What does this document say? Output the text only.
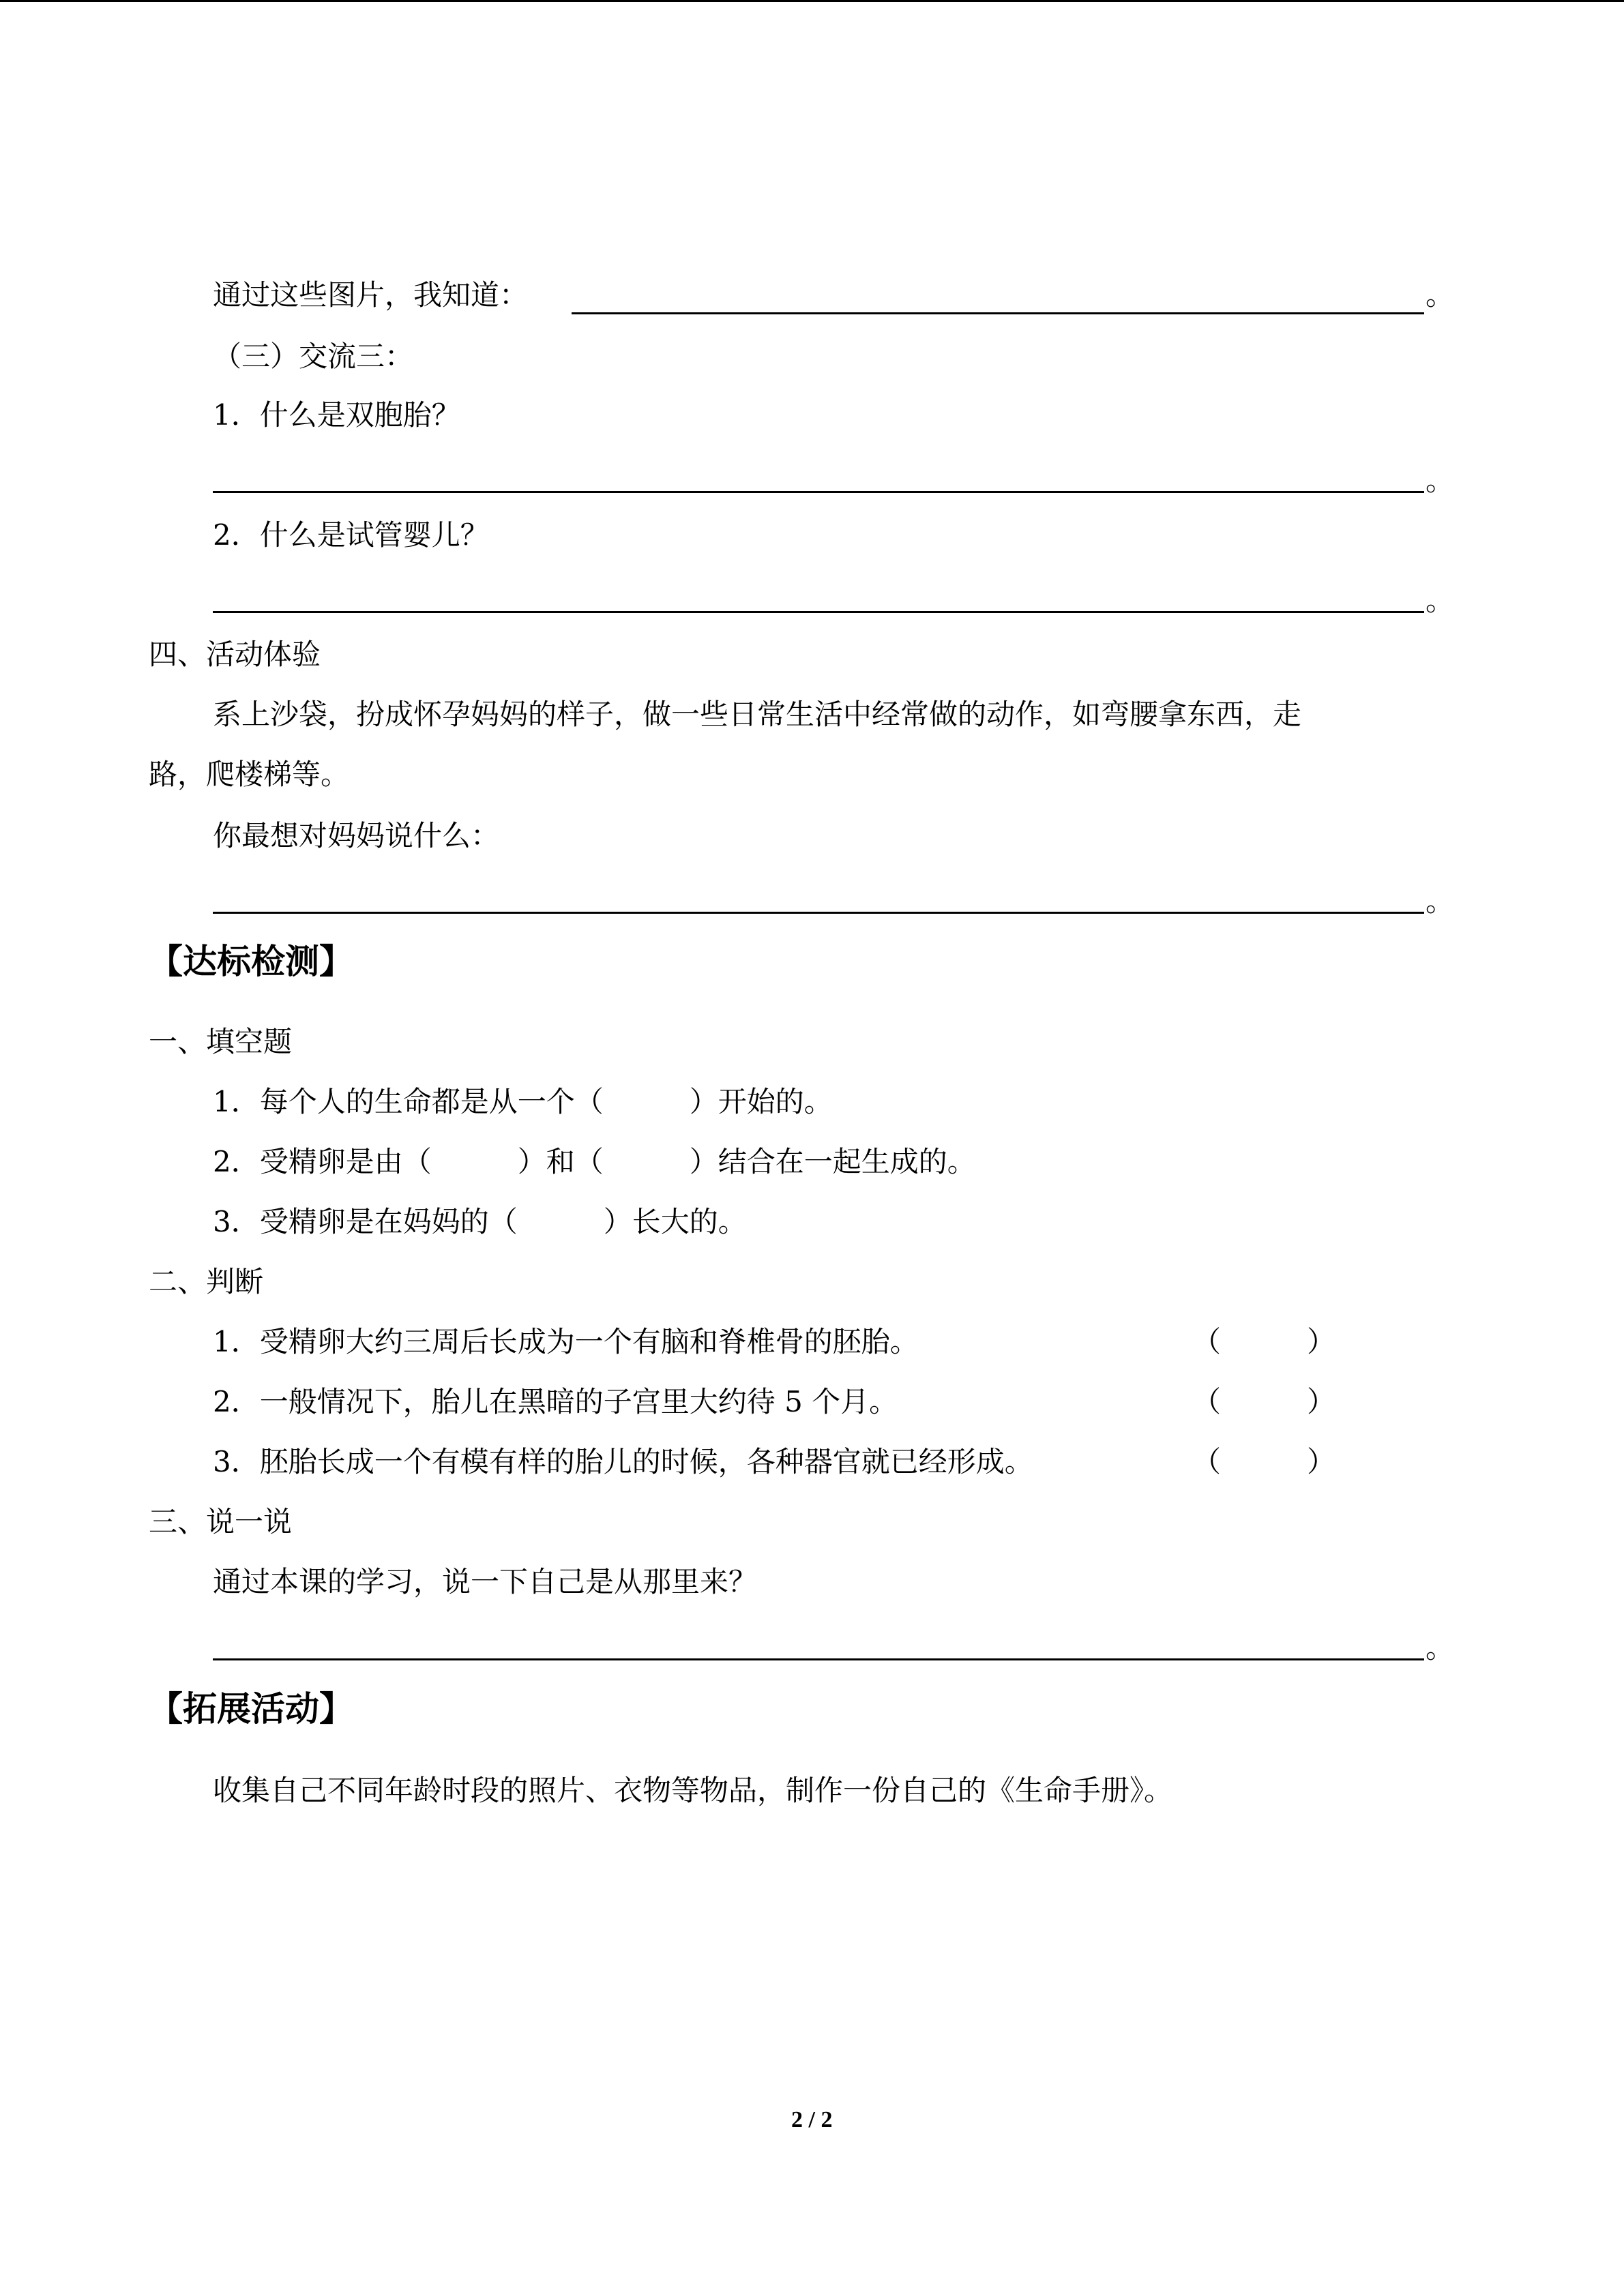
通过这些图片，我知道：	。
（三）交流三：
1．什么是双胞胎？
。
2．什么是试管婴儿？
。
四、活动体验
系上沙袋，扮成怀孕妈妈的样子，做一些日常生活中经常做的动作，如弯腰拿东西，走
路，爬楼梯等。
你最想对妈妈说什么：
。
【达标检测】
一、填空题
1．每个人的生命都是从一个（　　　）开始的。
2．受精卵是由（　　　）和（　　　）结合在一起生成的。
3．受精卵是在妈妈的（　　　）长大的。
二、判断
1．受精卵大约三周后长成为一个有脑和脊椎骨的胚胎。	（　　　）
2．一般情况下，胎儿在黑暗的子宫里大约待 5 个月。	（　　　）
3．胚胎长成一个有模有样的胎儿的时候，各种器官就已经形成。	（　　　）
三、说一说
通过本课的学习，说一下自己是从那里来？
。
【拓展活动】
收集自己不同年龄时段的照片、衣物等物品，制作一份自己的《生命手册》。
2 / 2
